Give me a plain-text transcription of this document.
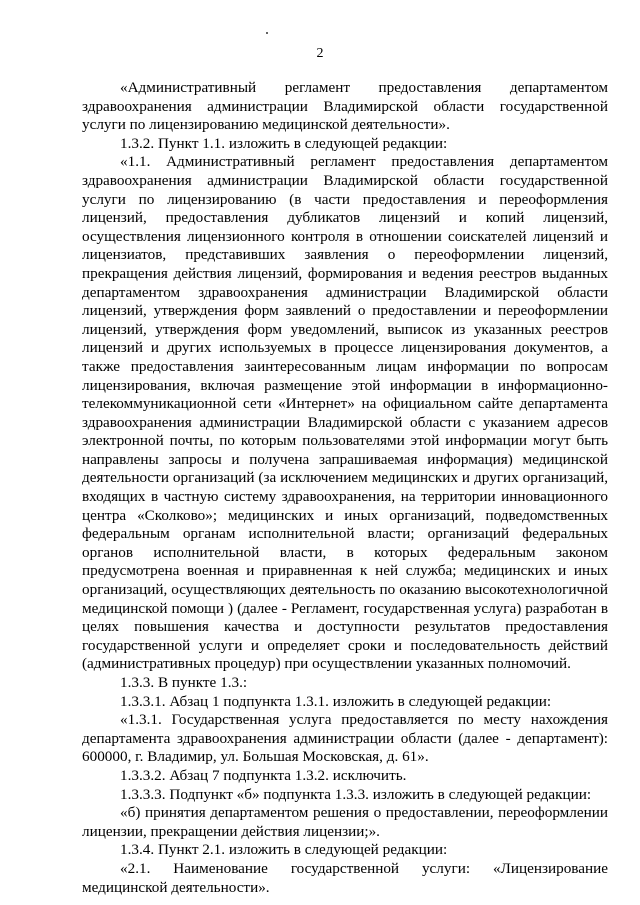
2

«Административный регламент предоставления департаментом здравоохранения администрации Владимирской области государственной услуги по лицензированию медицинской деятельности».

1.3.2. Пункт 1.1. изложить в следующей редакции:

«1.1. Административный регламент предоставления департаментом здравоохранения администрации Владимирской области государственной услуги по лицензированию (в части предоставления и переоформления лицензий, предоставления дубликатов лицензий и копий лицензий, осуществления лицензионного контроля в отношении соискателей лицензий и лицензиатов, представивших заявления о переоформлении лицензий, прекращения действия лицензий, формирования и ведения реестров выданных департаментом здравоохранения администрации Владимирской области лицензий, утверждения форм заявлений о предоставлении и переоформлении лицензий, утверждения форм уведомлений, выписок из указанных реестров лицензий и других используемых в процессе лицензирования документов, а также предоставления заинтересованным лицам информации по вопросам лицензирования, включая размещение этой информации в информационно-телекоммуникационной сети «Интернет» на официальном сайте департамента здравоохранения администрации Владимирской области с указанием адресов электронной почты, по которым пользователями этой информации могут быть направлены запросы и получена запрашиваемая информация) медицинской деятельности организаций (за исключением медицинских и других организаций, входящих в частную систему здравоохранения, на территории инновационного центра «Сколково»; медицинских и иных организаций, подведомственных федеральным органам исполнительной власти; организаций федеральных органов исполнительной власти, в которых федеральным законом предусмотрена военная и приравненная к ней служба; медицинских и иных организаций, осуществляющих деятельность по оказанию высокотехнологичной медицинской помощи ) (далее - Регламент, государственная услуга) разработан в целях повышения качества и доступности результатов предоставления государственной услуги и определяет сроки и последовательность действий (административных процедур) при осуществлении указанных полномочий.

1.3.3. В пункте 1.3.:

1.3.3.1. Абзац 1 подпункта 1.3.1. изложить в следующей редакции:

«1.3.1. Государственная услуга предоставляется по месту нахождения департамента здравоохранения администрации области (далее - департамент): 600000, г. Владимир, ул. Большая Московская, д. 61».

1.3.3.2. Абзац 7 подпункта 1.3.2. исключить.

1.3.3.3. Подпункт «б» подпункта 1.3.3. изложить в следующей редакции:

«б) принятия департаментом решения о предоставлении, переоформлении лицензии, прекращении действия лицензии;».

1.3.4. Пункт 2.1. изложить в следующей редакции:

«2.1. Наименование государственной услуги: «Лицензирование медицинской деятельности».
